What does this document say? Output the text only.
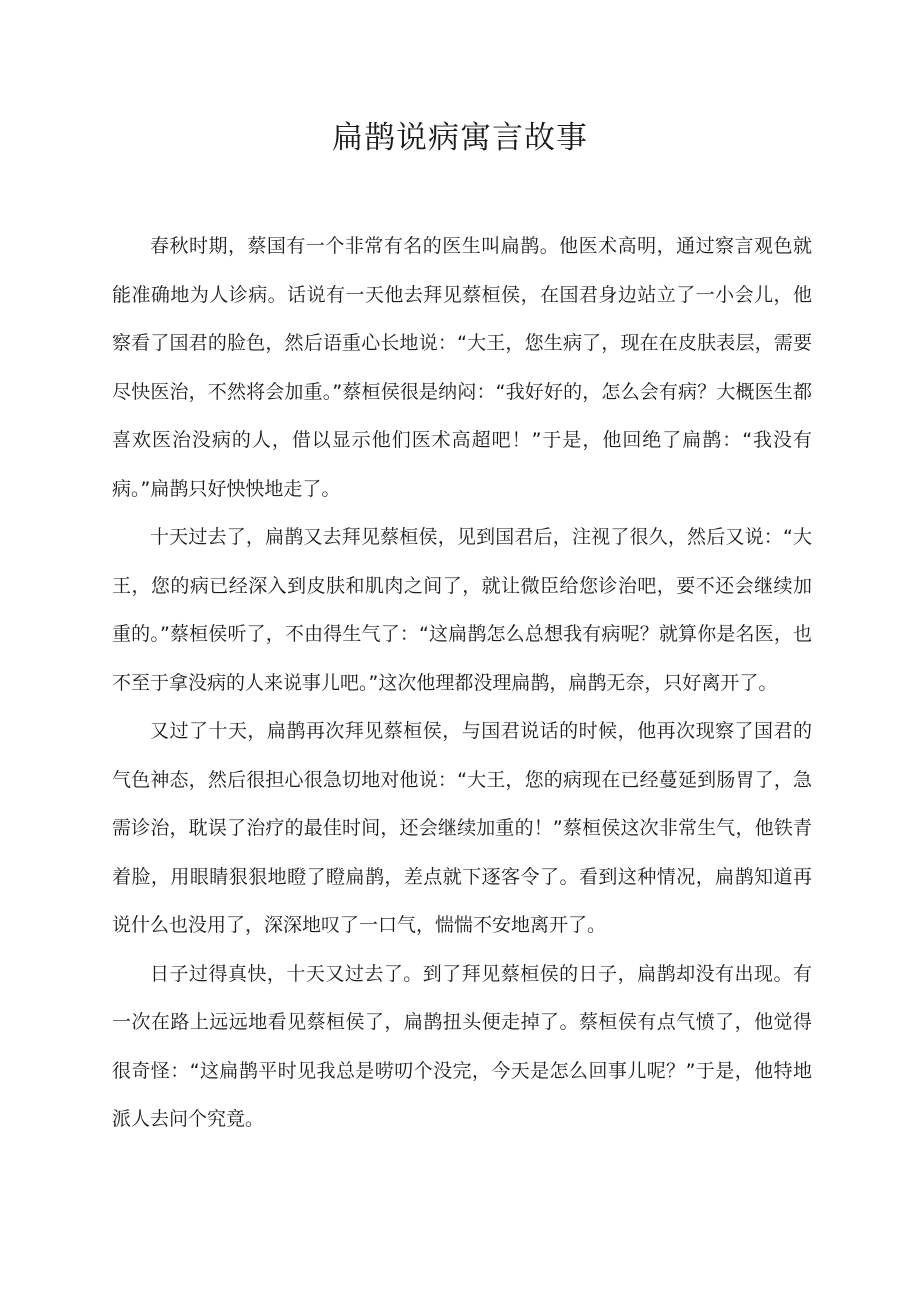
扁鹊说病寓言故事

春秋时期，蔡国有一个非常有名的医生叫扁鹊。他医术高明，通过察言观色就能准确地为人诊病。话说有一天他去拜见蔡桓侯，在国君身边站立了一小会儿，他察看了国君的脸色，然后语重心长地说：“大王，您生病了，现在在皮肤表层，需要尽快医治，不然将会加重。”蔡桓侯很是纳闷：“我好好的，怎么会有病？大概医生都喜欢医治没病的人，借以显示他们医术高超吧！”于是，他回绝了扁鹊：“我没有病。”扁鹊只好怏怏地走了。

十天过去了，扁鹊又去拜见蔡桓侯，见到国君后，注视了很久，然后又说：“大王，您的病已经深入到皮肤和肌肉之间了，就让微臣给您诊治吧，要不还会继续加重的。”蔡桓侯听了，不由得生气了：“这扁鹊怎么总想我有病呢？就算你是名医，也不至于拿没病的人来说事儿吧。”这次他理都没理扁鹊，扁鹊无奈，只好离开了。

又过了十天，扁鹊再次拜见蔡桓侯，与国君说话的时候，他再次现察了国君的气色神态，然后很担心很急切地对他说：“大王，您的病现在已经蔓延到肠胃了，急需诊治，耽误了治疗的最佳时间，还会继续加重的！”蔡桓侯这次非常生气，他铁青着脸，用眼睛狠狠地瞪了瞪扁鹊，差点就下逐客令了。看到这种情况，扁鹊知道再说什么也没用了，深深地叹了一口气，惴惴不安地离开了。

日子过得真快，十天又过去了。到了拜见蔡桓侯的日子，扁鹊却没有出现。有一次在路上远远地看见蔡桓侯了，扁鹊扭头便走掉了。蔡桓侯有点气愤了，他觉得很奇怪：“这扁鹊平时见我总是唠叨个没完，今天是怎么回事儿呢？”于是，他特地派人去问个究竟。
